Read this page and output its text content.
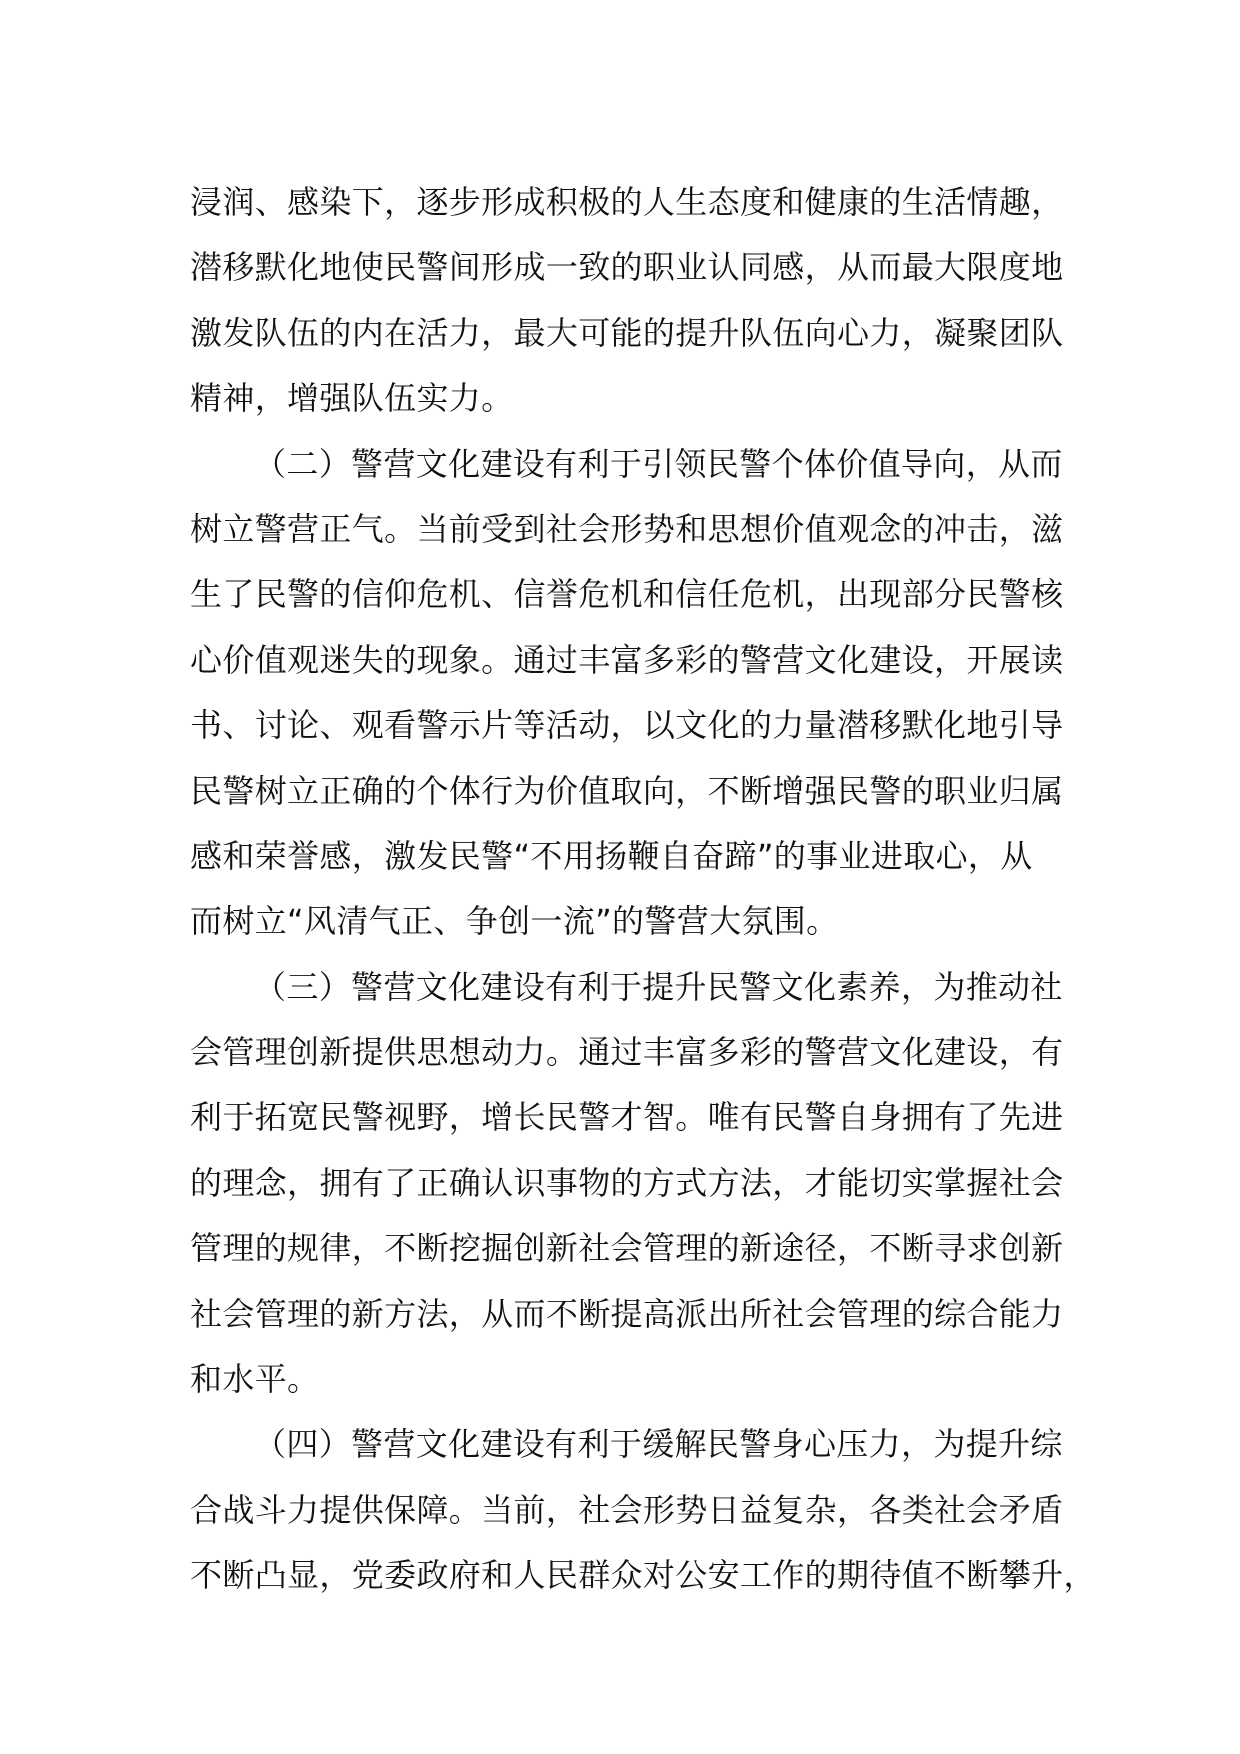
浸润、感染下，逐步形成积极的人生态度和健康的生活情趣，
潜移默化地使民警间形成一致的职业认同感，从而最大限度地
激发队伍的内在活力，最大可能的提升队伍向心力，凝聚团队
精神，增强队伍实力。
（二）警营文化建设有利于引领民警个体价值导向，从而
树立警营正气。当前受到社会形势和思想价值观念的冲击，滋
生了民警的信仰危机、信誉危机和信任危机，出现部分民警核
心价值观迷失的现象。通过丰富多彩的警营文化建设，开展读
书、讨论、观看警示片等活动，以文化的力量潜移默化地引导
民警树立正确的个体行为价值取向，不断增强民警的职业归属
感和荣誉感，激发民警“不用扬鞭自奋蹄”的事业进取心，从
而树立“风清气正、争创一流”的警营大氛围。
（三）警营文化建设有利于提升民警文化素养，为推动社
会管理创新提供思想动力。通过丰富多彩的警营文化建设，有
利于拓宽民警视野，增长民警才智。唯有民警自身拥有了先进
的理念，拥有了正确认识事物的方式方法，才能切实掌握社会
管理的规律，不断挖掘创新社会管理的新途径，不断寻求创新
社会管理的新方法，从而不断提高派出所社会管理的综合能力
和水平。
（四）警营文化建设有利于缓解民警身心压力，为提升综
合战斗力提供保障。当前，社会形势日益复杂，各类社会矛盾
不断凸显，党委政府和人民群众对公安工作的期待值不断攀升，
